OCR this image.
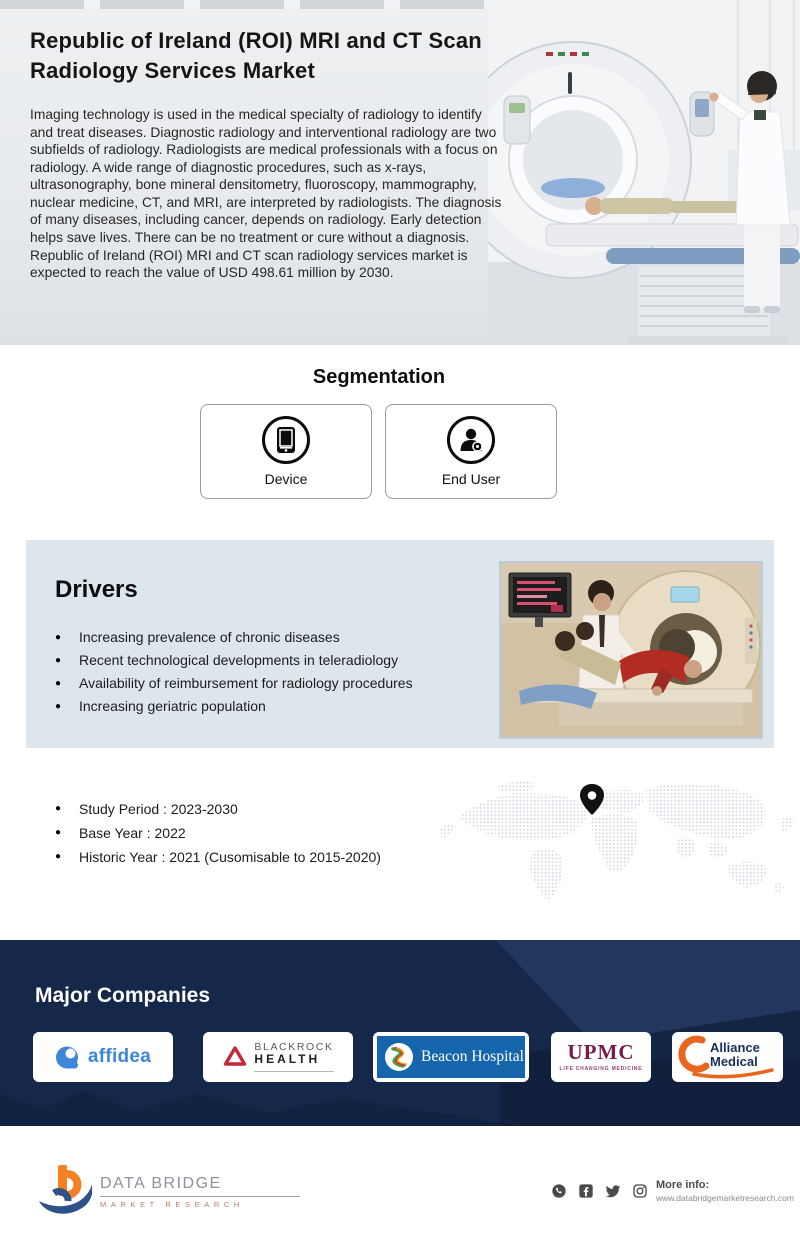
Republic of Ireland (ROI) MRI and CT Scan Radiology Services Market

Imaging technology is used in the medical specialty of radiology to identify and treat diseases. Diagnostic radiology and interventional radiology are two subfields of radiology. Radiologists are medical professionals with a focus on radiology. A wide range of diagnostic procedures, such as x-rays, ultrasonography, bone mineral densitometry, fluoroscopy, mammography, nuclear medicine, CT, and MRI, are interpreted by radiologists. The diagnosis of many diseases, including cancer, depends on radiology. Early detection helps save lives. There can be no treatment or cure without a diagnosis. Republic of Ireland (ROI) MRI and CT scan radiology services market is expected to reach the value of USD 498.61 million by 2030.

Segmentation
Device	End User
Drivers
●	Increasing prevalence of chronic diseases
●	Recent technological developments in teleradiology
●	Availability of reimbursement for radiology procedures
●	Increasing geriatric population
●	Study Period : 2023-2030
●	Base Year : 2022
●	Historic Year : 2021 (Cusomisable to 2015-2020)
Major Companies
affidea	BLACKROCK
HEALTH	Beacon Hospital UPMC
LIFE CHANGING MEDICINE
Alliance
Medical
DATA BRIDGE
MARKET RESEARCH
More info:
www.databridgemarketresearch.com
